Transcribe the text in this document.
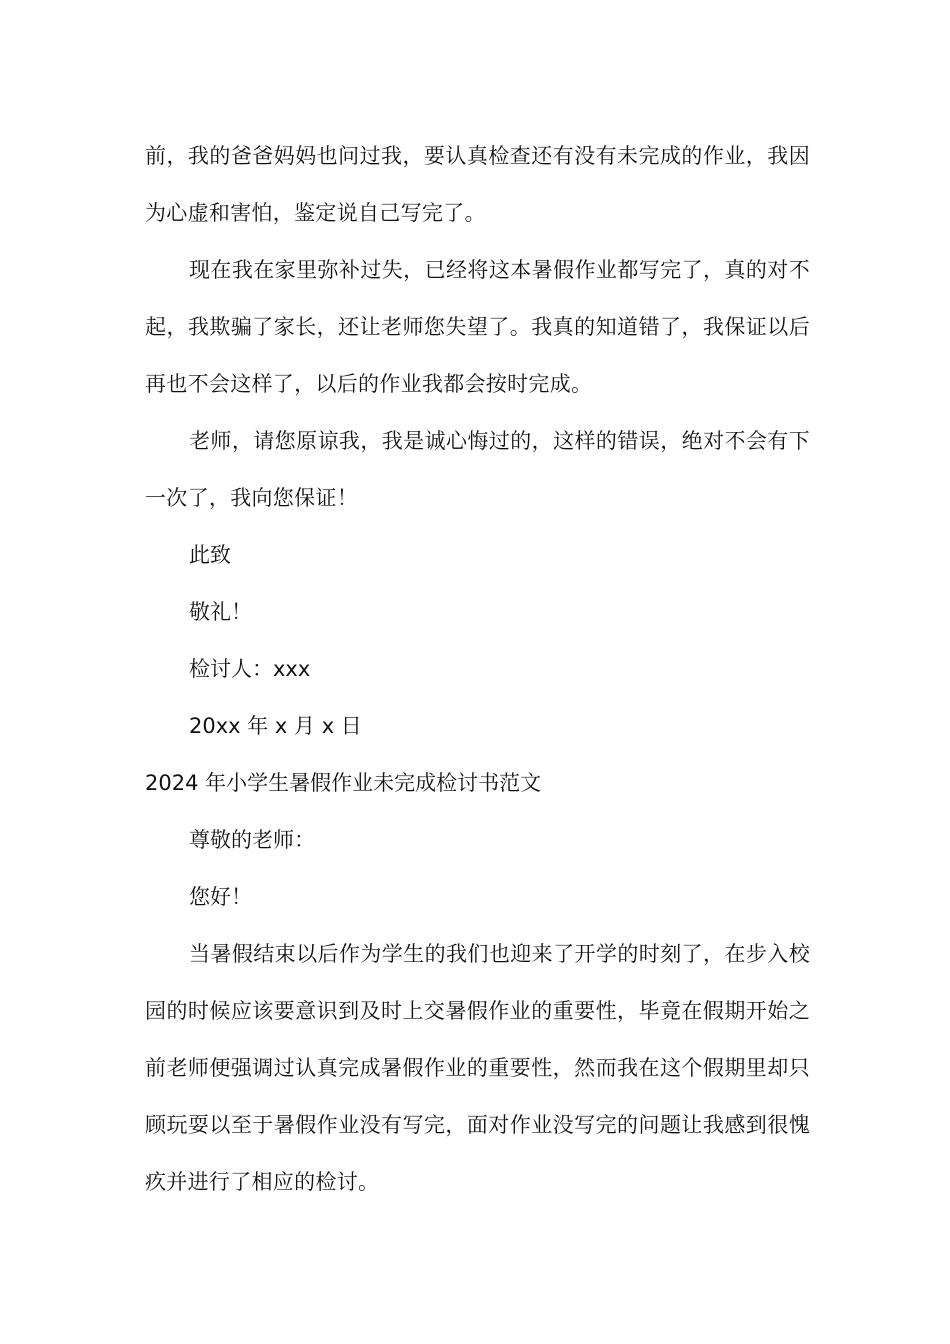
前，我的爸爸妈妈也问过我，要认真检查还有没有未完成的作业，我因为心虚和害怕，鉴定说自己写完了。

现在我在家里弥补过失，已经将这本暑假作业都写完了，真的对不起，我欺骗了家长，还让老师您失望了。我真的知道错了，我保证以后再也不会这样了，以后的作业我都会按时完成。

老师，请您原谅我，我是诚心悔过的，这样的错误，绝对不会有下一次了，我向您保证！

此致

敬礼！

检讨人：xxx

20xx 年 x 月 x 日

2024 年小学生暑假作业未完成检讨书范文

尊敬的老师：

您好！

当暑假结束以后作为学生的我们也迎来了开学的时刻了，在步入校园的时候应该要意识到及时上交暑假作业的重要性，毕竟在假期开始之前老师便强调过认真完成暑假作业的重要性，然而我在这个假期里却只顾玩耍以至于暑假作业没有写完，面对作业没写完的问题让我感到很愧疚并进行了相应的检讨。
